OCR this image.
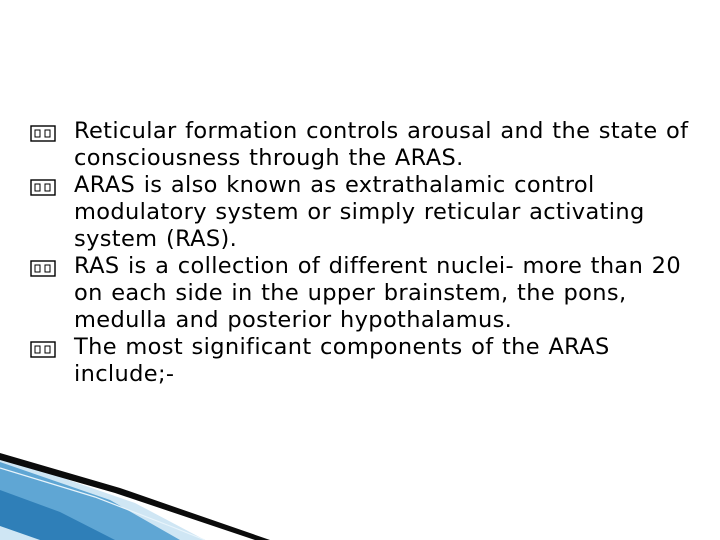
Reticular formation controls arousal and the state of consciousness through the ARAS.
ARAS is also known as extrathalamic control modulatory system or simply reticular activating system (RAS).
RAS is a collection of different nuclei- more than 20 on each side in the upper brainstem, the pons, medulla and posterior hypothalamus.
The most significant components of the ARAS include;-
